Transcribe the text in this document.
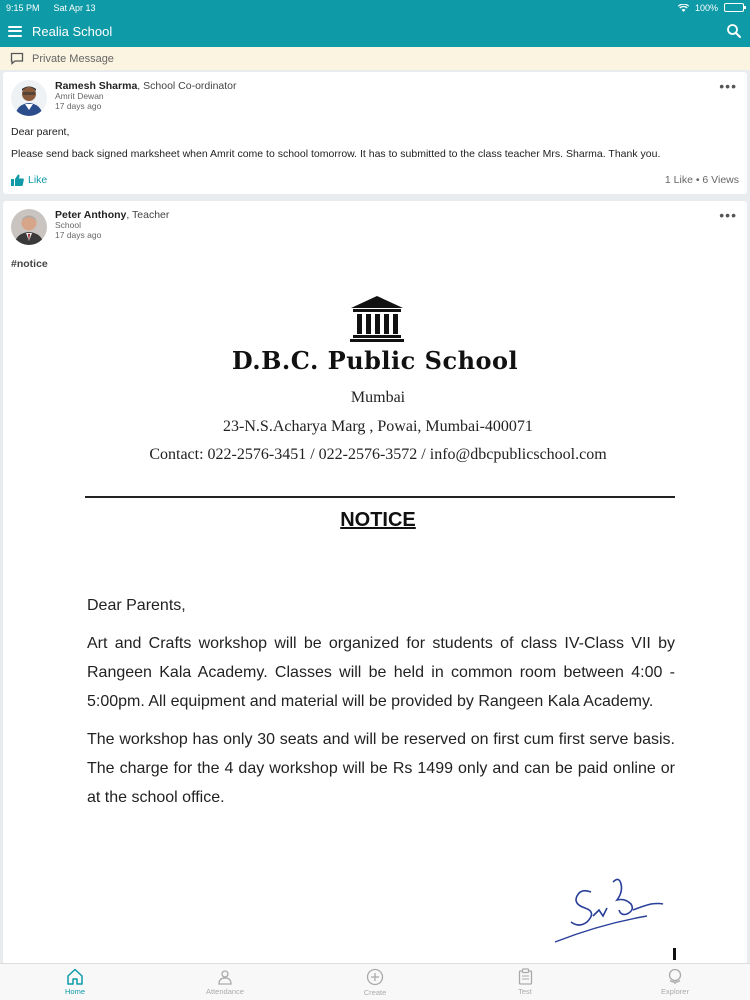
9:15 PM Sat Apr 13	100%
Realia School
Private Message
Ramesh Sharma, School Co-ordinator
Amrit Dewan
17 days ago
•••

Dear parent,

Please send back signed marksheet when Amrit come to school tomorrow. It has to submitted to the class teacher Mrs. Sharma. Thank you.

Like	1 Like • 6 Views
Peter Anthony, Teacher
School
17 days ago
•••
#notice
D.B.C. Public School
Mumbai
23-N.S.Acharya Marg , Powai, Mumbai-400071
Contact: 022-2576-3451 / 022-2576-3572 / info@dbcpublicschool.com
NOTICE

Dear Parents,

Art and Crafts workshop will be organized for students of class IV-Class VII by Rangeen Kala Academy. Classes will be held in common room between 4:00 - 5:00pm. All equipment and material will be provided by Rangeen Kala Academy.

The workshop has only 30 seats and will be reserved on first cum first serve basis. The charge for the 4 day workshop will be Rs 1499 only and can be paid online or at the school office.

Home	Attendance	Create	Test	Explorer
